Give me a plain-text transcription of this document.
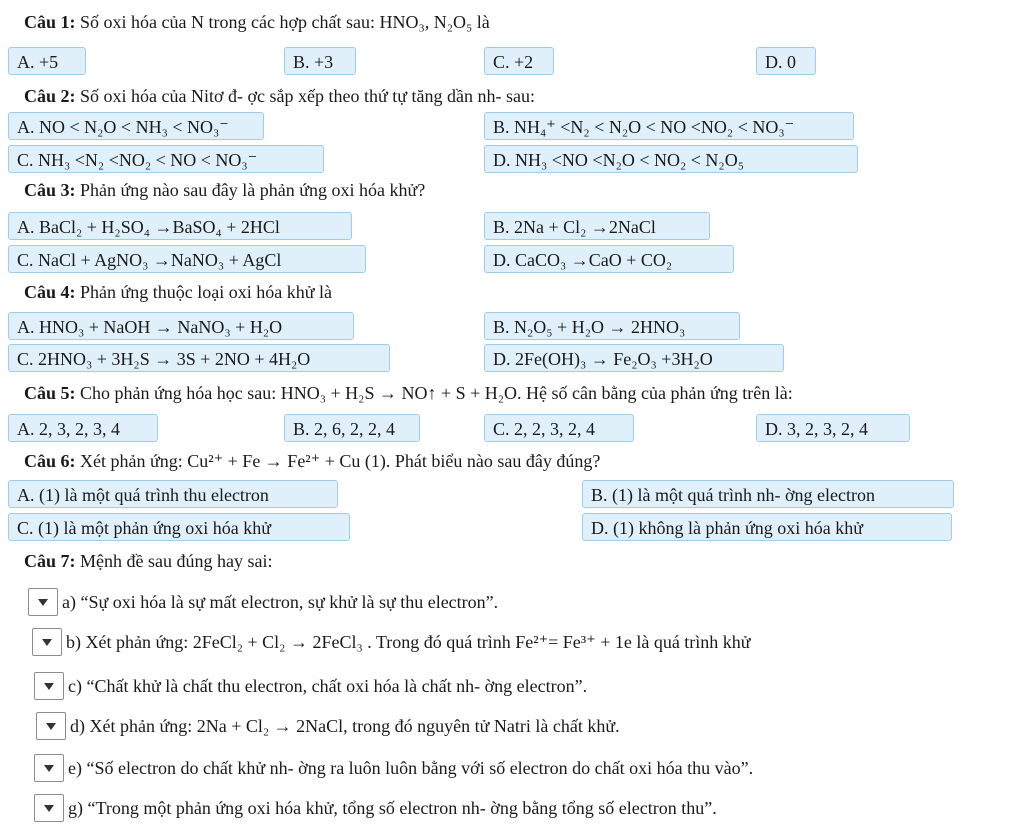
Câu 1: Số oxi hóa của N trong các hợp chất sau: HNO₃, N₂O₅ là
A. +5	B. +3	C. +2	D. 0
Câu 2: Số oxi hóa của Nitơ đ- ợc sắp xếp theo thứ tự tăng dần nh- sau:
A. NO < N₂O < NH₃ < NO₃⁻	B. NH₄⁺ <N₂ < N₂O < NO <NO₂ < NO₃⁻
C. NH₃ <N₂ <NO₂ < NO < NO₃⁻	D. NH₃ <NO <N₂O < NO₂ < N₂O₅
Câu 3: Phản ứng nào sau đây là phản ứng oxi hóa khử?
A. BaCl₂ + H₂SO₄ →BaSO₄ + 2HCl	B. 2Na + Cl₂ →2NaCl
C. NaCl + AgNO₃ →NaNO₃ + AgCl	D. CaCO₃ →CaO + CO₂
Câu 4: Phản ứng thuộc loại oxi hóa khử là
A. HNO₃ + NaOH → NaNO₃ + H₂O	B. N₂O₅ + H₂O → 2HNO₃
C. 2HNO₃ + 3H₂S → 3S + 2NO + 4H₂O	D. 2Fe(OH)₃ → Fe₂O₃ +3H₂O
Câu 5: Cho phản ứng hóa học sau: HNO₃ + H₂S → NO↑ + S + H₂O. Hệ số cân bằng của phản ứng trên là:
A. 2, 3, 2, 3, 4	B. 2, 6, 2, 2, 4	C. 2, 2, 3, 2, 4	D. 3, 2, 3, 2, 4
Câu 6: Xét phản ứng: Cu²⁺ + Fe → Fe²⁺ + Cu (1). Phát biểu nào sau đây đúng?
A. (1) là một quá trình thu electron	B. (1) là một quá trình nh- ờng electron
C. (1) là một phản ứng oxi hóa khử	D. (1) không là phản ứng oxi hóa khử
Câu 7: Mệnh đề sau đúng hay sai:
a) “Sự oxi hóa là sự mất electron, sự khử là sự thu electron”.
b) Xét phản ứng: 2FeCl₂ + Cl₂ → 2FeCl₃ . Trong đó quá trình Fe²⁺= Fe³⁺ + 1e là quá trình khử
c) “Chất khử là chất thu electron, chất oxi hóa là chất nh- ờng electron”.
d) Xét phản ứng: 2Na + Cl₂ → 2NaCl, trong đó nguyên tử Natri là chất khử.
e) “Số electron do chất khử nh- ờng ra luôn luôn bằng với số electron do chất oxi hóa thu vào”.
g) “Trong một phản ứng oxi hóa khử, tổng số electron nh- ờng bằng tổng số electron thu”.
